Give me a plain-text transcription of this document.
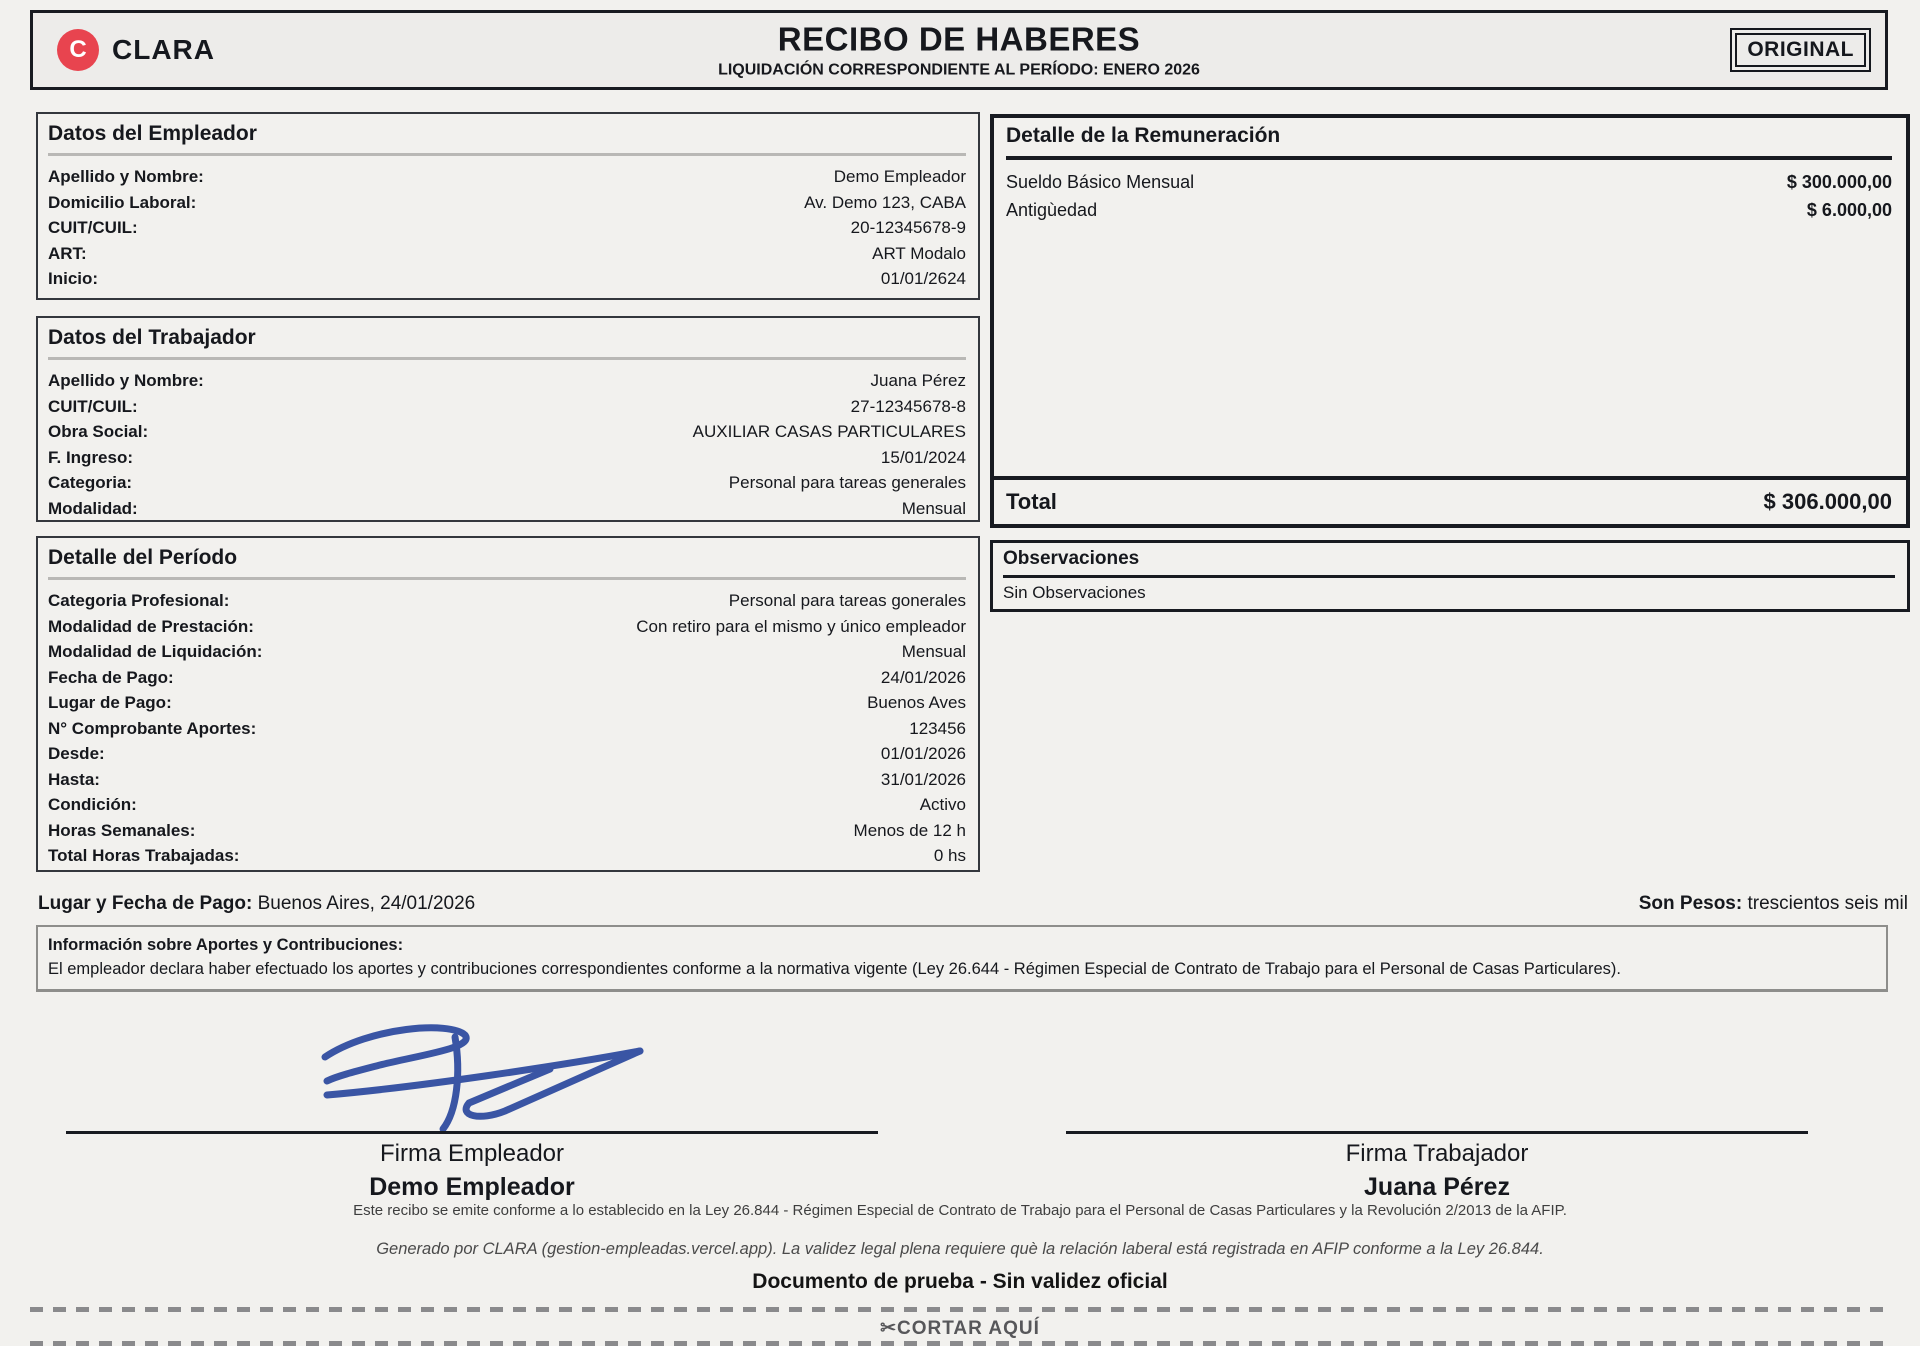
C CLARA	RECIBO DE HABERES
LIQUIDACIÓN CORRESPONDIENTE AL PERÍODO: ENERO 2026
ORIGINAL
Datos del Empleador
Apellido y Nombre:	Demo Empleador
Domicilio Laboral:	Av. Demo 123, CABA
CUIT/CUIL:	20-12345678-9
ART:	ART Modalo
Inicio:	01/01/2624
Datos del Trabajador
Apellido y Nombre:	Juana Pérez
CUIT/CUIL:	27-12345678-8
Obra Social:	AUXILIAR CASAS PARTICULARES
F. Ingreso:	15/01/2024
Categoria:	Personal para tareas generales
Modalidad:	Mensual
Detalle del Período
Categoria Profesional:	Personal para tareas gonerales
Modalidad de Prestación:	Con retiro para el mismo y único empleador
Modalidad de Liquidación:	Mensual
Fecha de Pago:	24/01/2026
Lugar de Pago:	Buenos Aves
N° Comprobante Aportes:	123456
Desde:	01/01/2026
Hasta:	31/01/2026
Condición:	Activo
Horas Semanales:	Menos de 12 h
Total Horas Trabajadas:	0 hs
Detalle de la Remuneración
Sueldo Básico Mensual	$ 300.000,00
Antigùedad	$ 6.000,00
Total	$ 306.000,00
Observaciones
Sin Observaciones
Lugar y Fecha de Pago: Buenos Aires, 24/01/2026	Son Pesos: trescientos seis mil
Información sobre Aportes y Contribuciones:
El empleador declara haber efectuado los aportes y contribuciones correspondientes conforme a la normativa vigente (Ley 26.644 - Régimen Especial de Contrato de Trabajo para el Personal de Casas Particulares).
Firma Empleador
Demo Empleador
Firma Trabajador
Juana Pérez
Este recibo se emite conforme a lo establecido en la Ley 26.844 - Régimen Especial de Contrato de Trabajo para el Personal de Casas Particulares y la Revolución 2/2013 de la AFIP.
Generado por CLARA (gestion-empleadas.vercel.app). La validez legal plena requiere què la relación laberal está registrada en AFIP conforme a la Ley 26.844.
Documento de prueba - Sin validez oficial
✂CORTAR AQUÍ
